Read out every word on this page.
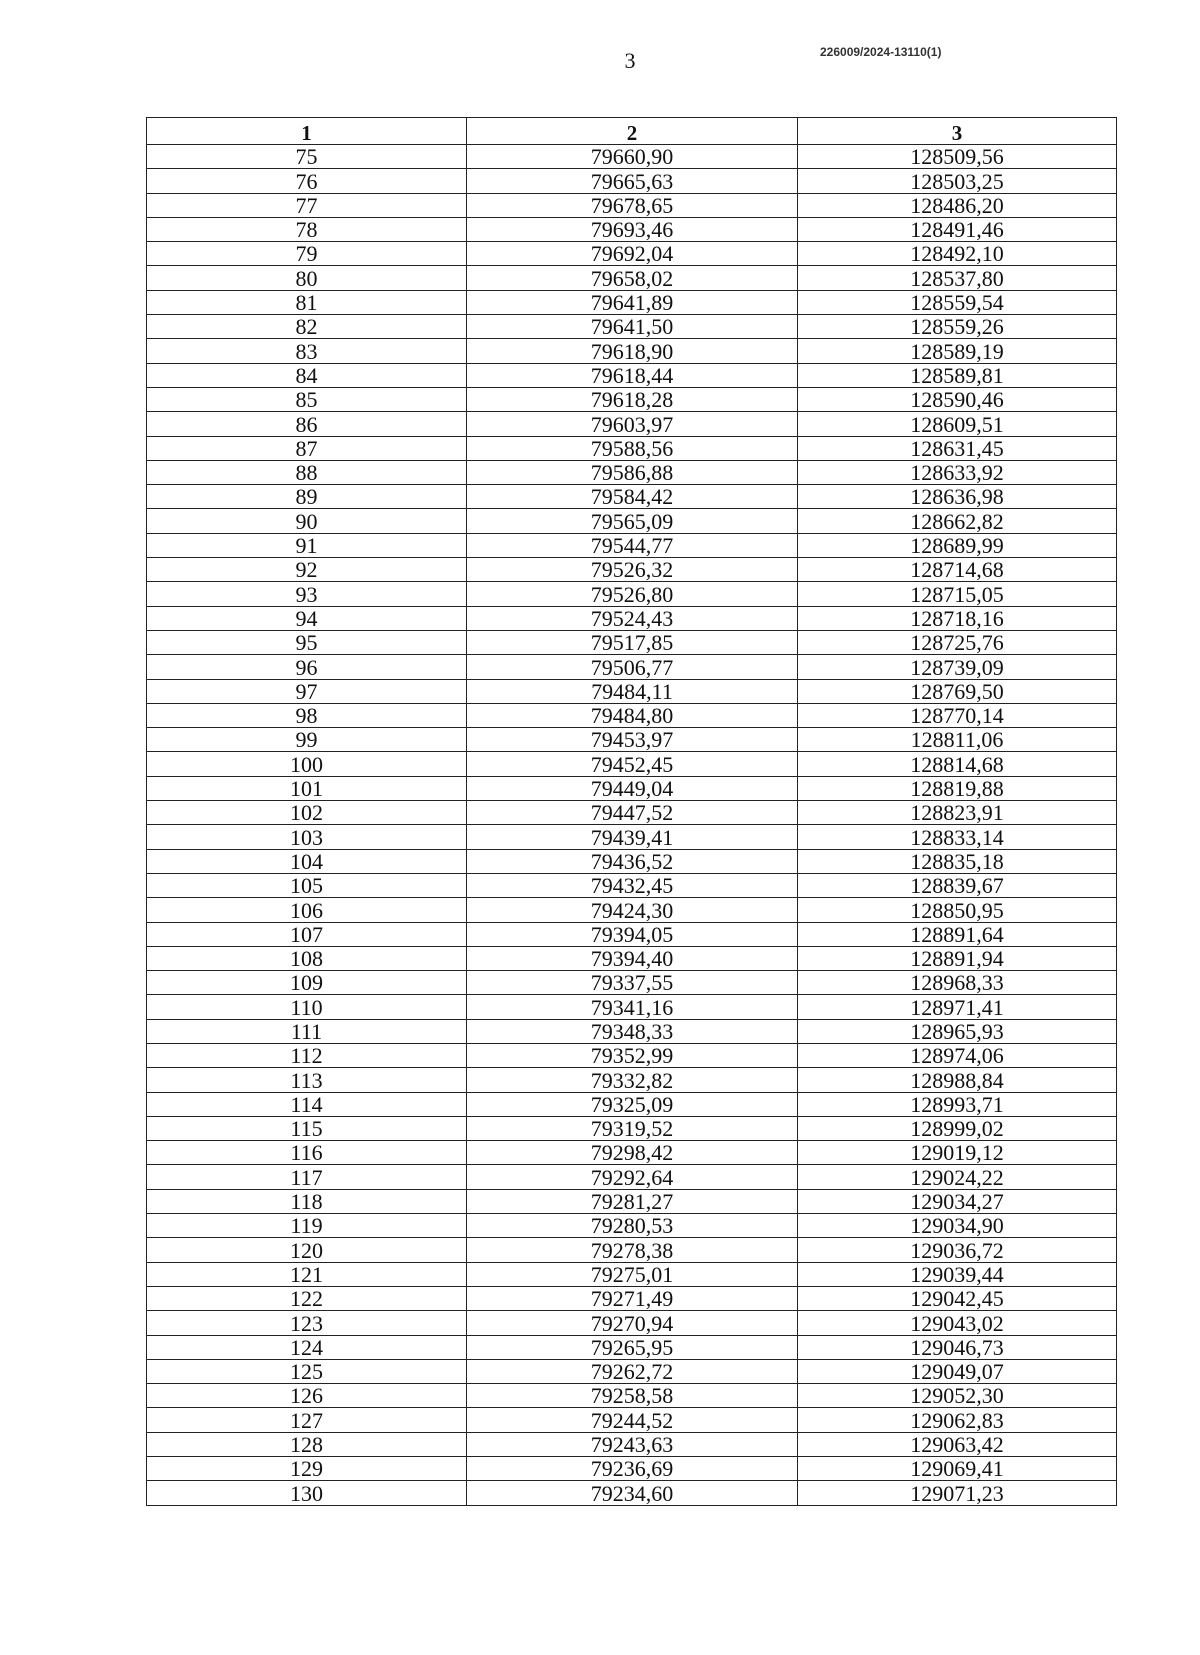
3	226009/2024-13110(1)
1	2	3
75	79660,90	128509,56
76	79665,63	128503,25
77	79678,65	128486,20
78	79693,46	128491,46
79	79692,04	128492,10
80	79658,02	128537,80
81	79641,89	128559,54
82	79641,50	128559,26
83	79618,90	128589,19
84	79618,44	128589,81
85	79618,28	128590,46
86	79603,97	128609,51
87	79588,56	128631,45
88	79586,88	128633,92
89	79584,42	128636,98
90	79565,09	128662,82
91	79544,77	128689,99
92	79526,32	128714,68
93	79526,80	128715,05
94	79524,43	128718,16
95	79517,85	128725,76
96	79506,77	128739,09
97	79484,11	128769,50
98	79484,80	128770,14
99	79453,97	128811,06
100	79452,45	128814,68
101	79449,04	128819,88
102	79447,52	128823,91
103	79439,41	128833,14
104	79436,52	128835,18
105	79432,45	128839,67
106	79424,30	128850,95
107	79394,05	128891,64
108	79394,40	128891,94
109	79337,55	128968,33
110	79341,16	128971,41
111	79348,33	128965,93
112	79352,99	128974,06
113	79332,82	128988,84
114	79325,09	128993,71
115	79319,52	128999,02
116	79298,42	129019,12
117	79292,64	129024,22
118	79281,27	129034,27
119	79280,53	129034,90
120	79278,38	129036,72
121	79275,01	129039,44
122	79271,49	129042,45
123	79270,94	129043,02
124	79265,95	129046,73
125	79262,72	129049,07
126	79258,58	129052,30
127	79244,52	129062,83
128	79243,63	129063,42
129	79236,69	129069,41
130	79234,60	129071,23
